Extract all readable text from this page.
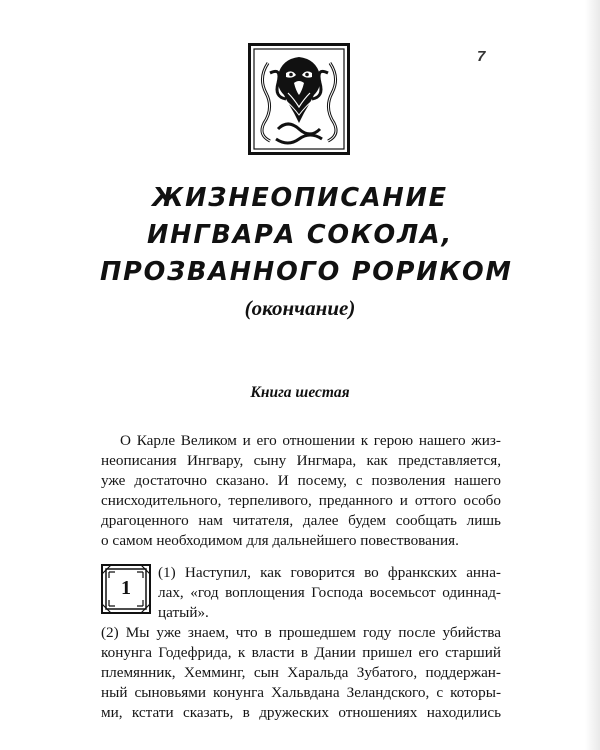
7
ЖИЗНЕОПИСАНИЕ
ИНГВАРА СОКОЛА,
ПРОЗВАННОГО РОРИКОМ
(окончание)
Книга шестая
О Карле Великом и его отношении к герою нашего жиз-
неописания Ингвару, сыну Ингмара, как представляется,
уже достаточно сказано. И посему, с позволения нашего
снисходительного, терпеливого, преданного и оттого особо
драгоценного нам читателя, далее будем сообщать лишь
о самом необходимом для дальнейшего повествования.
1
(1) Наступил, как говорится во франкских анна-
лах, «год воплощения Господа восемьсот одиннад-
цатый».
(2) Мы уже знаем, что в прошедшем году после убийства
конунга Годефрида, к власти в Дании пришел его старший
племянник, Хемминг, сын Харальда Зубатого, поддержан-
ный сыновьями конунга Хальвдана Зеландского, с которы-
ми, кстати сказать, в дружеских отношениях находились
